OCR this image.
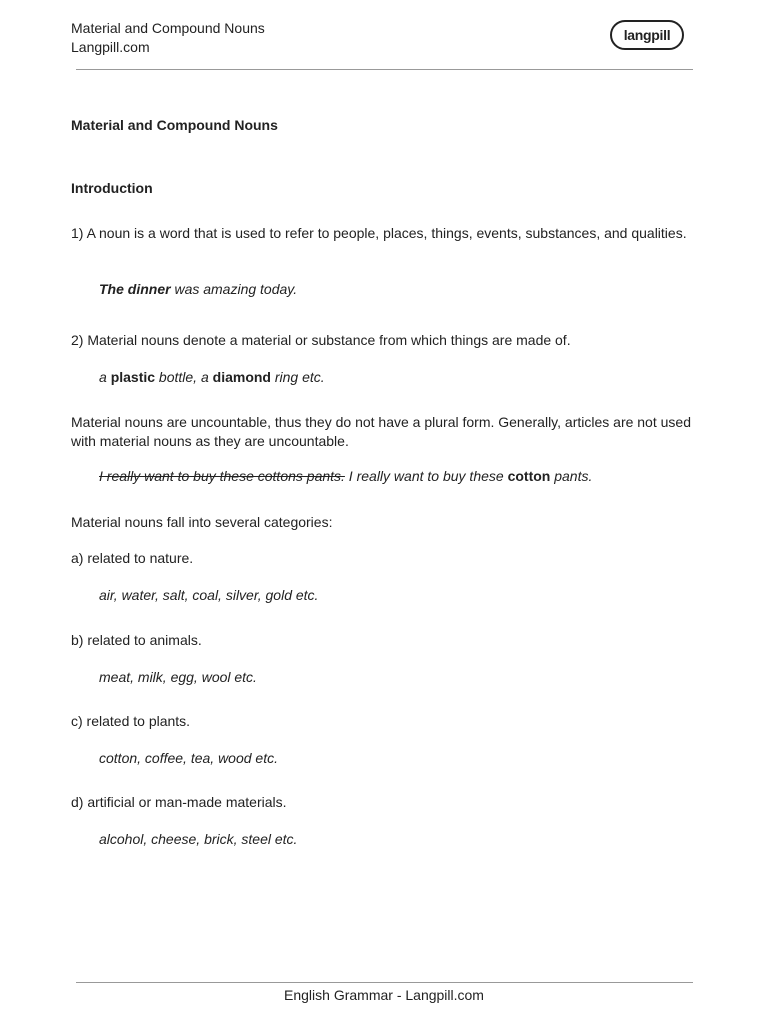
Material and Compound Nouns
Langpill.com
langpill
Material and Compound Nouns
Introduction
1) A noun is a word that is used to refer to people, places, things, events, substances, and qualities.
The dinner was amazing today.
2) Material nouns denote a material or substance from which things are made of.
a plastic bottle, a diamond ring etc.
Material nouns are uncountable, thus they do not have a plural form. Generally, articles are not used with material nouns as they are uncountable.
I really want to buy these cottons pants. I really want to buy these cotton pants.
Material nouns fall into several categories:
a) related to nature.
air, water, salt, coal, silver, gold etc.
b) related to animals.
meat, milk, egg, wool etc.
c) related to plants.
cotton, coffee, tea, wood etc.
d) artificial or man-made materials.
alcohol, cheese, brick, steel etc.
English Grammar - Langpill.com
